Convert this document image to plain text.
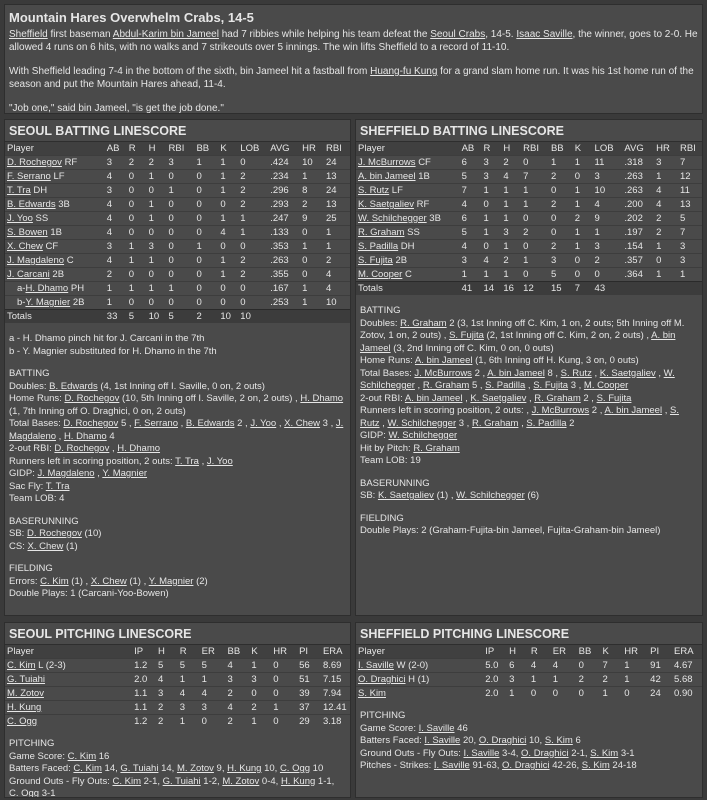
Mountain Hares Overwhelm Crabs, 14-5

Sheffield first baseman Abdul-Karim bin Jameel had 7 ribbies while helping his team defeat the Seoul Crabs, 14-5. Isaac Saville, the winner, goes to 2-0. He allowed 4 runs on 6 hits, with no walks and 7 strikeouts over 5 innings. The win lifts Sheffield to a record of 11-10.

With Sheffield leading 7-4 in the bottom of the sixth, bin Jameel hit a fastball from Huang-fu Kung for a grand slam home run. It was his 1st home run of the season and put the Mountain Hares ahead, 11-4.

"Job one," said bin Jameel, "is get the job done."

SEOUL BATTING LINESCORE
Player	AB	R	H	RBI	BB	K	LOB	AVG	HR	RBI
D. Rochegov RF	3	2	2	3	1	1	0	.424	10	24
F. Serrano LF	4	0	1	0	0	1	2	.234	1	13
T. Tra DH	3	0	0	1	0	1	2	.296	8	24
B. Edwards 3B	4	0	1	0	0	0	2	.293	2	13
J. Yoo SS	4	0	1	0	0	1	1	.247	9	25
S. Bowen 1B	4	0	0	0	0	4	1	.133	0	1
X. Chew CF	3	1	3	0	1	0	0	.353	1	1
J. Magdaleno C	4	1	1	0	0	1	2	.263	0	2
J. Carcani 2B	2	0	0	0	0	1	2	.355	0	4
a-H. Dhamo PH	1	1	1	1	0	0	0	.167	1	4
b-Y. Magnier 2B	1	0	0	0	0	0	0	.253	1	10
Totals	33	5	10	5	2	10	10			
a - H. Dhamo pinch hit for J. Carcani in the 7th
b - Y. Magnier substituted for H. Dhamo in the 7th
BATTING
Doubles: B. Edwards (4, 1st Inning off I. Saville, 0 on, 2 outs)
Home Runs: D. Rochegov (10, 5th Inning off I. Saville, 2 on, 2 outs) , H. Dhamo (1, 7th Inning off O. Draghici, 0 on, 2 outs)
Total Bases: D. Rochegov 5 , F. Serrano , B. Edwards 2 , J. Yoo , X. Chew 3 , J. Magdaleno , H. Dhamo 4
2-out RBI: D. Rochegov , H. Dhamo
Runners left in scoring position, 2 outs: T. Tra , J. Yoo
GIDP: J. Magdaleno , Y. Magnier
Sac Fly: T. Tra
Team LOB: 4
BASERUNNING
SB: D. Rochegov (10)
CS: X. Chew (1)
FIELDING
Errors: C. Kim (1) , X. Chew (1) , Y. Magnier (2)
Double Plays: 1 (Carcani-Yoo-Bowen)
SHEFFIELD BATTING LINESCORE
Player	AB	R	H	RBI	BB	K	LOB	AVG	HR	RBI
J. McBurrows CF	6	3	2	0	1	1	11	.318	3	7
A. bin Jameel 1B	5	3	4	7	2	0	3	.263	1	12
S. Rutz LF	7	1	1	1	0	1	10	.263	4	11
K. Saetgaliev RF	4	0	1	1	2	1	4	.200	4	13
W. Schilchegger 3B	6	1	1	0	0	2	9	.202	2	5
R. Graham SS	5	1	3	2	0	1	1	.197	2	7
S. Padilla DH	4	0	1	0	2	1	3	.154	1	3
S. Fujita 2B	3	4	2	1	3	0	2	.357	0	3
M. Cooper C	1	1	1	0	5	0	0	.364	1	1
Totals	41	14	16	12	15	7	43			
BATTING
Doubles: R. Graham 2 (3, 1st Inning off C. Kim, 1 on, 2 outs; 5th Inning off M. Zotov, 1 on, 2 outs) , S. Fujita (2, 1st Inning off C. Kim, 2 on, 2 outs) , A. bin Jameel (3, 2nd Inning off C. Kim, 0 on, 0 outs)
Home Runs: A. bin Jameel (1, 6th Inning off H. Kung, 3 on, 0 outs)
Total Bases: J. McBurrows 2 , A. bin Jameel 8 , S. Rutz , K. Saetgaliev , W. Schilchegger , R. Graham 5 , S. Padilla , S. Fujita 3 , M. Cooper
2-out RBI: A. bin Jameel , K. Saetgaliev , R. Graham 2 , S. Fujita
Runners left in scoring position, 2 outs: , J. McBurrows 2 , A. bin Jameel , S. Rutz , W. Schilchegger 3 , R. Graham , S. Padilla 2
GIDP: W. Schilchegger
Hit by Pitch: R. Graham
Team LOB: 19
BASERUNNING
SB: K. Saetgaliev (1) , W. Schilchegger (6)
FIELDING
Double Plays: 2 (Graham-Fujita-bin Jameel, Fujita-Graham-bin Jameel)
SEOUL PITCHING LINESCORE
Player	IP	H	R	ER	BB	K	HR	PI	ERA
C. Kim L (2-3)	1.2	5	5	5	4	1	0	56	8.69
G. Tuiahi	2.0	4	1	1	3	3	0	51	7.15
M. Zotov	1.1	3	4	4	2	0	0	39	7.94
H. Kung	1.1	2	3	3	4	2	1	37	12.41
C. Ogg	1.2	2	1	0	2	1	0	29	3.18
PITCHING
Game Score: C. Kim 16
Batters Faced: C. Kim 14, G. Tuiahi 14, M. Zotov 9, H. Kung 10, C. Ogg 10
Ground Outs - Fly Outs: C. Kim 2-1, G. Tuiahi 1-2, M. Zotov 0-4, H. Kung 1-1, C. Ogg 3-1
SHEFFIELD PITCHING LINESCORE
Player	IP	H	R	ER	BB	K	HR	PI	ERA
I. Saville W (2-0)	5.0	6	4	4	0	7	1	91	4.67
O. Draghici H (1)	2.0	3	1	1	2	2	1	42	5.68
S. Kim	2.0	1	0	0	0	1	0	24	0.90
PITCHING
Game Score: I. Saville 46
Batters Faced: I. Saville 20, O. Draghici 10, S. Kim 6
Ground Outs - Fly Outs: I. Saville 3-4, O. Draghici 2-1, S. Kim 3-1
Pitches - Strikes: I. Saville 91-63, O. Draghici 42-26, S. Kim 24-18
